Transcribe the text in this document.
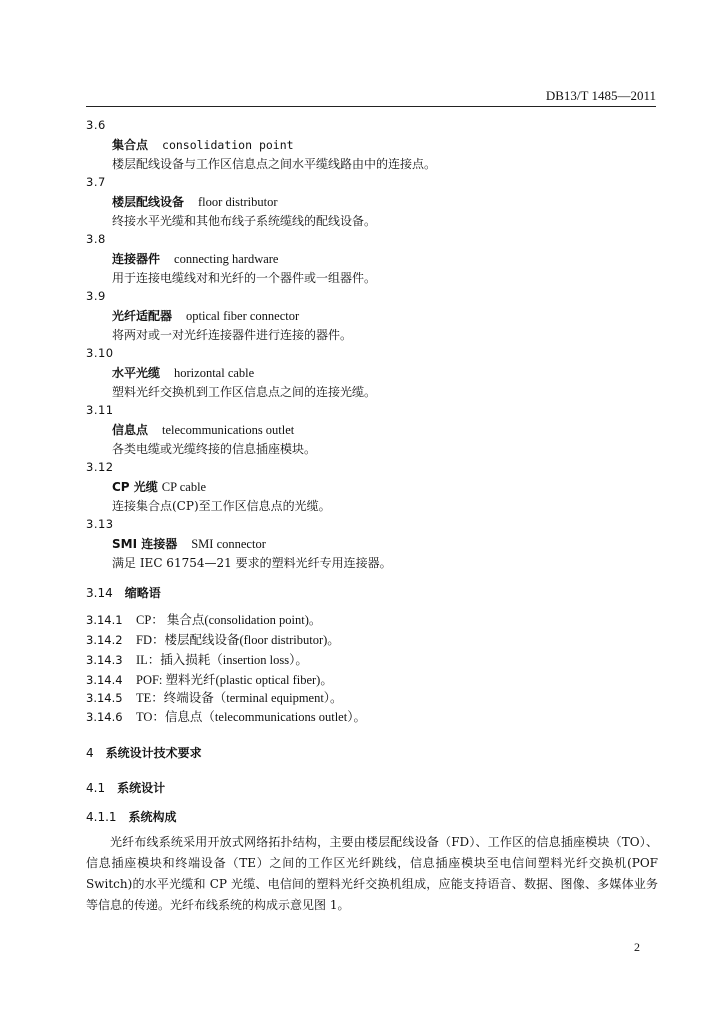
DB13/T 1485—2011
3.6
集合点 consolidation point
楼层配线设备与工作区信息点之间水平缆线路由中的连接点。
3.7
楼层配线设备 floor distributor
终接水平光缆和其他布线子系统缆线的配线设备。
3.8
连接器件 connecting hardware
用于连接电缆线对和光纤的一个器件或一组器件。
3.9
光纤适配器 optical fiber connector
将两对或一对光纤连接器件进行连接的器件。
3.10
水平光缆 horizontal cable
塑料光纤交换机到工作区信息点之间的连接光缆。
3.11
信息点 telecommunications outlet
各类电缆或光缆终接的信息插座模块。
3.12
CP 光缆 CP cable
连接集合点(CP)至工作区信息点的光缆。
3.13
SMI 连接器 SMI connector
满足 IEC 61754—21 要求的塑料光纤专用连接器。
3.14 缩略语
3.14.1 CP： 集合点(consolidation point)。
3.14.2 FD：楼层配线设备(floor distributor)。
3.14.3 IL：插入损耗（insertion loss）。
3.14.4 POF: 塑料光纤(plastic optical fiber)。
3.14.5 TE：终端设备（terminal equipment）。
3.14.6 TO：信息点（telecommunications outlet）。
4 系统设计技术要求
4.1 系统设计
4.1.1 系统构成
光纤布线系统采用开放式网络拓扑结构，主要由楼层配线设备（FD）、工作区的信息插座模块（TO）、信息插座模块和终端设备（TE）之间的工作区光纤跳线，信息插座模块至电信间塑料光纤交换机(POF Switch)的水平光缆和 CP 光缆、电信间的塑料光纤交换机组成，应能支持语音、数据、图像、多媒体业务等信息的传递。光纤布线系统的构成示意见图 1。
2
